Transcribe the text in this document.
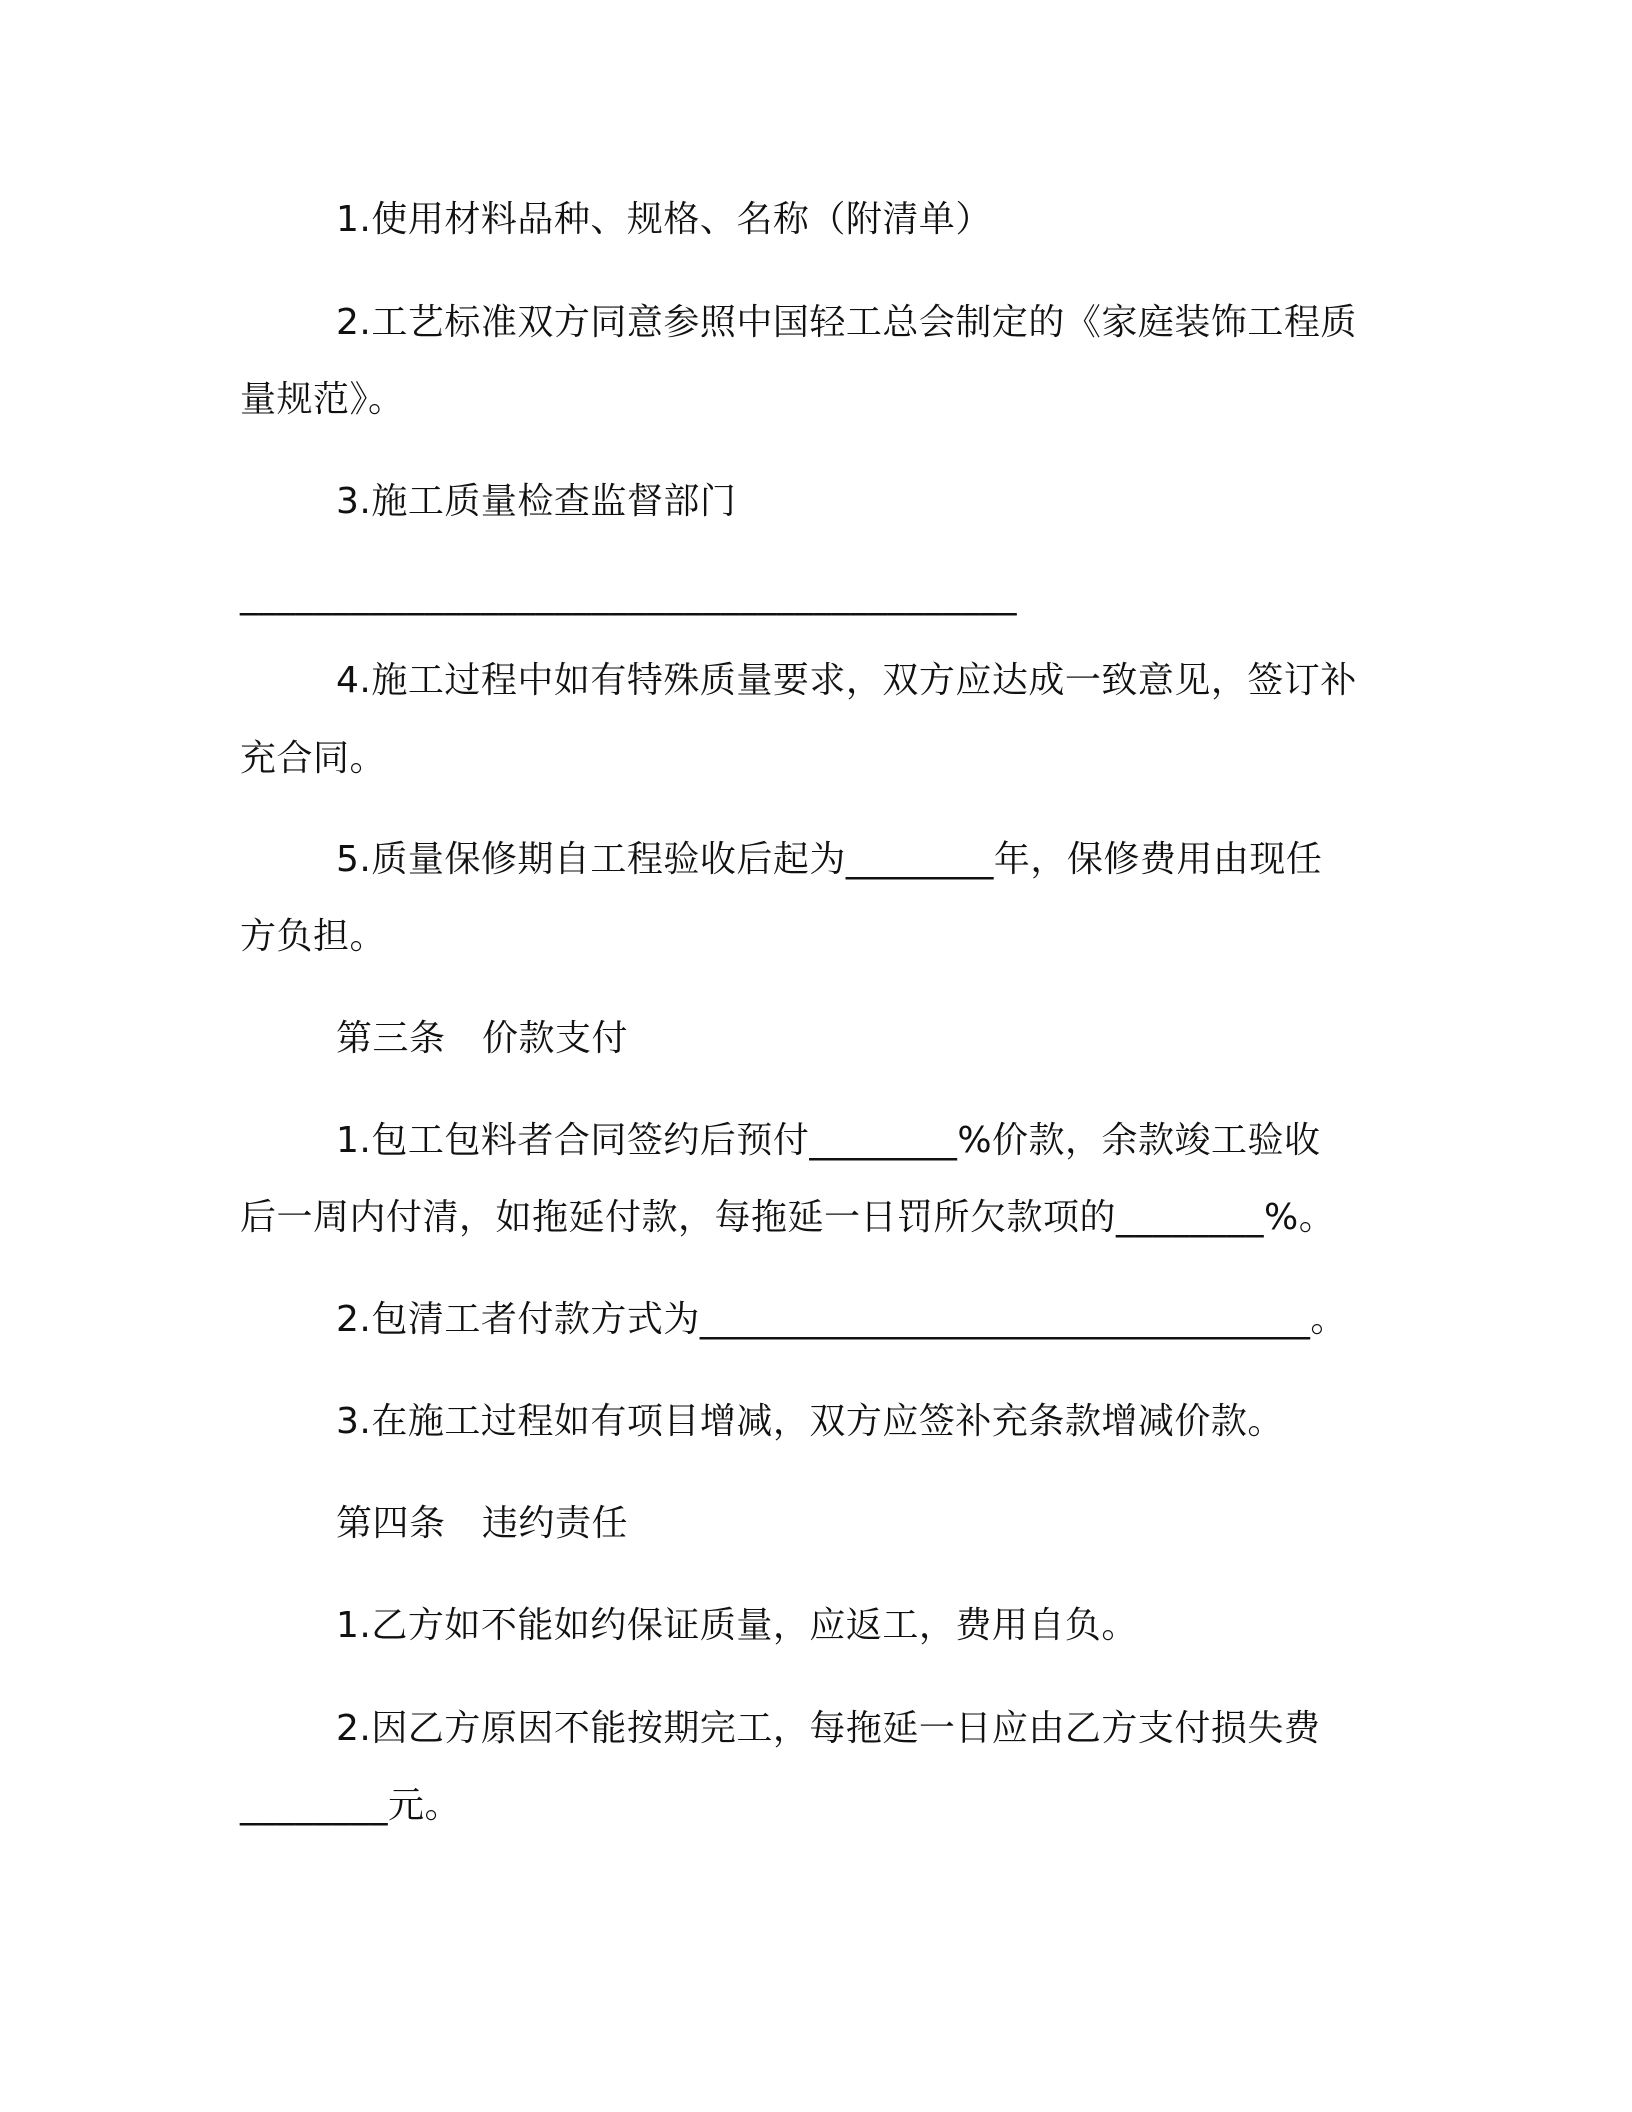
1.使用材料品种、规格、名称（附清单）

2.工艺标准双方同意参照中国轻工总会制定的《家庭装饰工程质

量规范》。

3.施工质量检查监督部门

__________________________________________

4.施工过程中如有特殊质量要求，双方应达成一致意见，签订补

充合同。

5.质量保修期自工程验收后起为________年，保修费用由现任

方负担。

第三条　价款支付

1.包工包料者合同签约后预付________%价款，余款竣工验收

后一周内付清，如拖延付款，每拖延一日罚所欠款项的________%。

2.包清工者付款方式为_________________________________。

3.在施工过程如有项目增减，双方应签补充条款增减价款。

第四条　违约责任

1.乙方如不能如约保证质量，应返工，费用自负。

2.因乙方原因不能按期完工，每拖延一日应由乙方支付损失费

________元。
